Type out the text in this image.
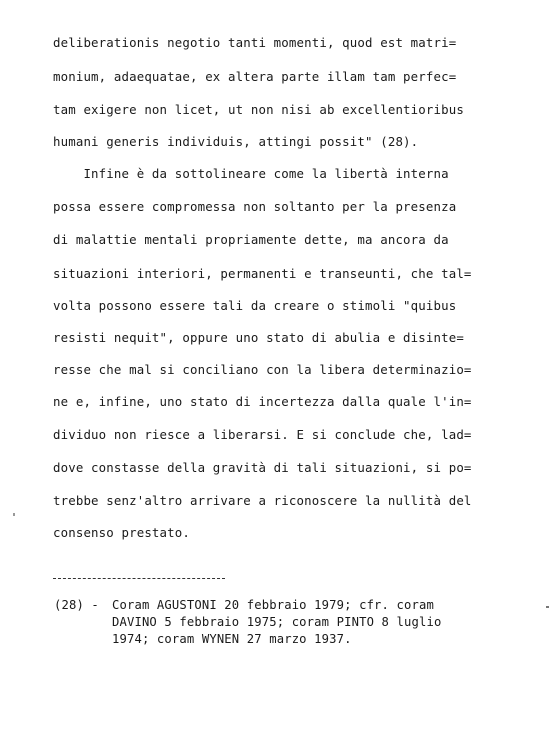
deliberationis negotio tanti momenti, quod est matri=
monium, adaequatae, ex altera parte illam tam perfec=
tam exigere non licet, ut non nisi ab excellentioribus
humani generis individuis, attingi possit" (28).
Infine è da sottolineare come la libertà interna
possa essere compromessa non soltanto per la presenza
di malattie mentali propriamente dette, ma ancora da
situazioni interiori, permanenti e transeunti, che tal=
volta possono essere tali da creare o stimoli "quibus
resisti nequit", oppure uno stato di abulia e disinte=
resse che mal si conciliano con la libera determinazio=
ne e, infine, uno stato di incertezza dalla quale l'in=
dividuo non riesce a liberarsi. E si conclude che, lad=
dove constasse della gravità di tali situazioni, si po=
trebbe senz'altro arrivare a riconoscere la nullità del
consenso prestato.
(28) - Coram AGUSTONI 20 febbraio 1979; cfr. coram
DAVINO 5 febbraio 1975; coram PINTO 8 luglio
1974; coram WYNEN 27 marzo 1937.
